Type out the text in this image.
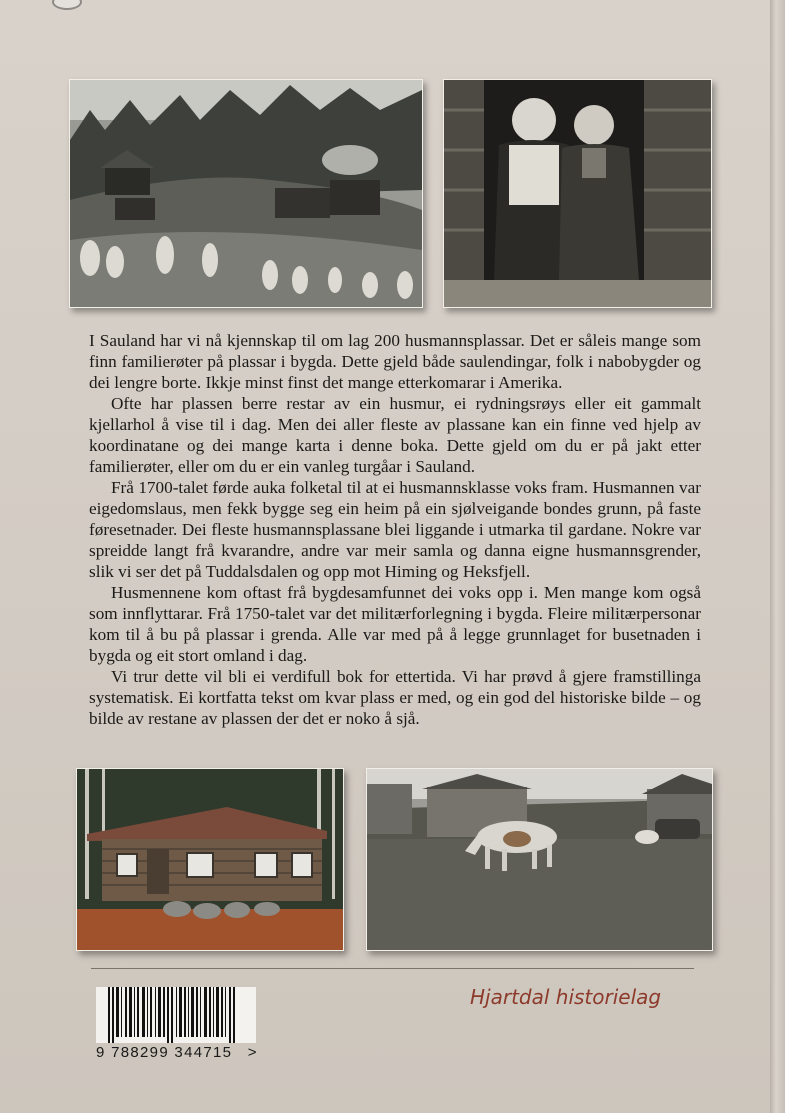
I Sauland har vi nå kjennskap til om lag 200 husmannsplassar. Det er såleis mange som finn familierøter på plassar i bygda. Dette gjeld både saulendingar, folk i nabobygder og dei lengre borte. Ikkje minst finst det mange etterkomarar i Amerika.

Ofte har plassen berre restar av ein husmur, ei rydningsrøys eller eit gammalt kjellarhol å vise til i dag. Men dei aller fleste av plassane kan ein finne ved hjelp av koordinatane og dei mange karta i denne boka. Dette gjeld om du er på jakt etter familierøter, eller om du er ein vanleg turgåar i Sauland.

Frå 1700-talet førde auka folketal til at ei husmannsklasse voks fram. Husmannen var eigedomslaus, men fekk bygge seg ein heim på ein sjølveigande bondes grunn, på faste føresetnader. Dei fleste husmannsplassane blei liggande i utmarka til gardane. Nokre var spreidde langt frå kvarandre, andre var meir samla og danna eigne husmannsgrender, slik vi ser det på Tuddalsdalen og opp mot Himing og Heksfjell.

Husmennene kom oftast frå bygdesamfunnet dei voks opp i. Men mange kom også som innflyttarar. Frå 1750-talet var det militærforlegning i bygda. Fleire militærpersonar kom til å bu på plassar i grenda. Alle var med på å legge grunnlaget for busetnaden i bygda og eit stort omland i dag.

Vi trur dette vil bli ei verdifull bok for ettertida. Vi har prøvd å gjere framstillinga systematisk. Ei kortfatta tekst om kvar plass er med, og ein god del historiske bilde – og bilde av restane av plassen der det er noko å sjå.

9 788299 344715 >
Hjartdal historielag
